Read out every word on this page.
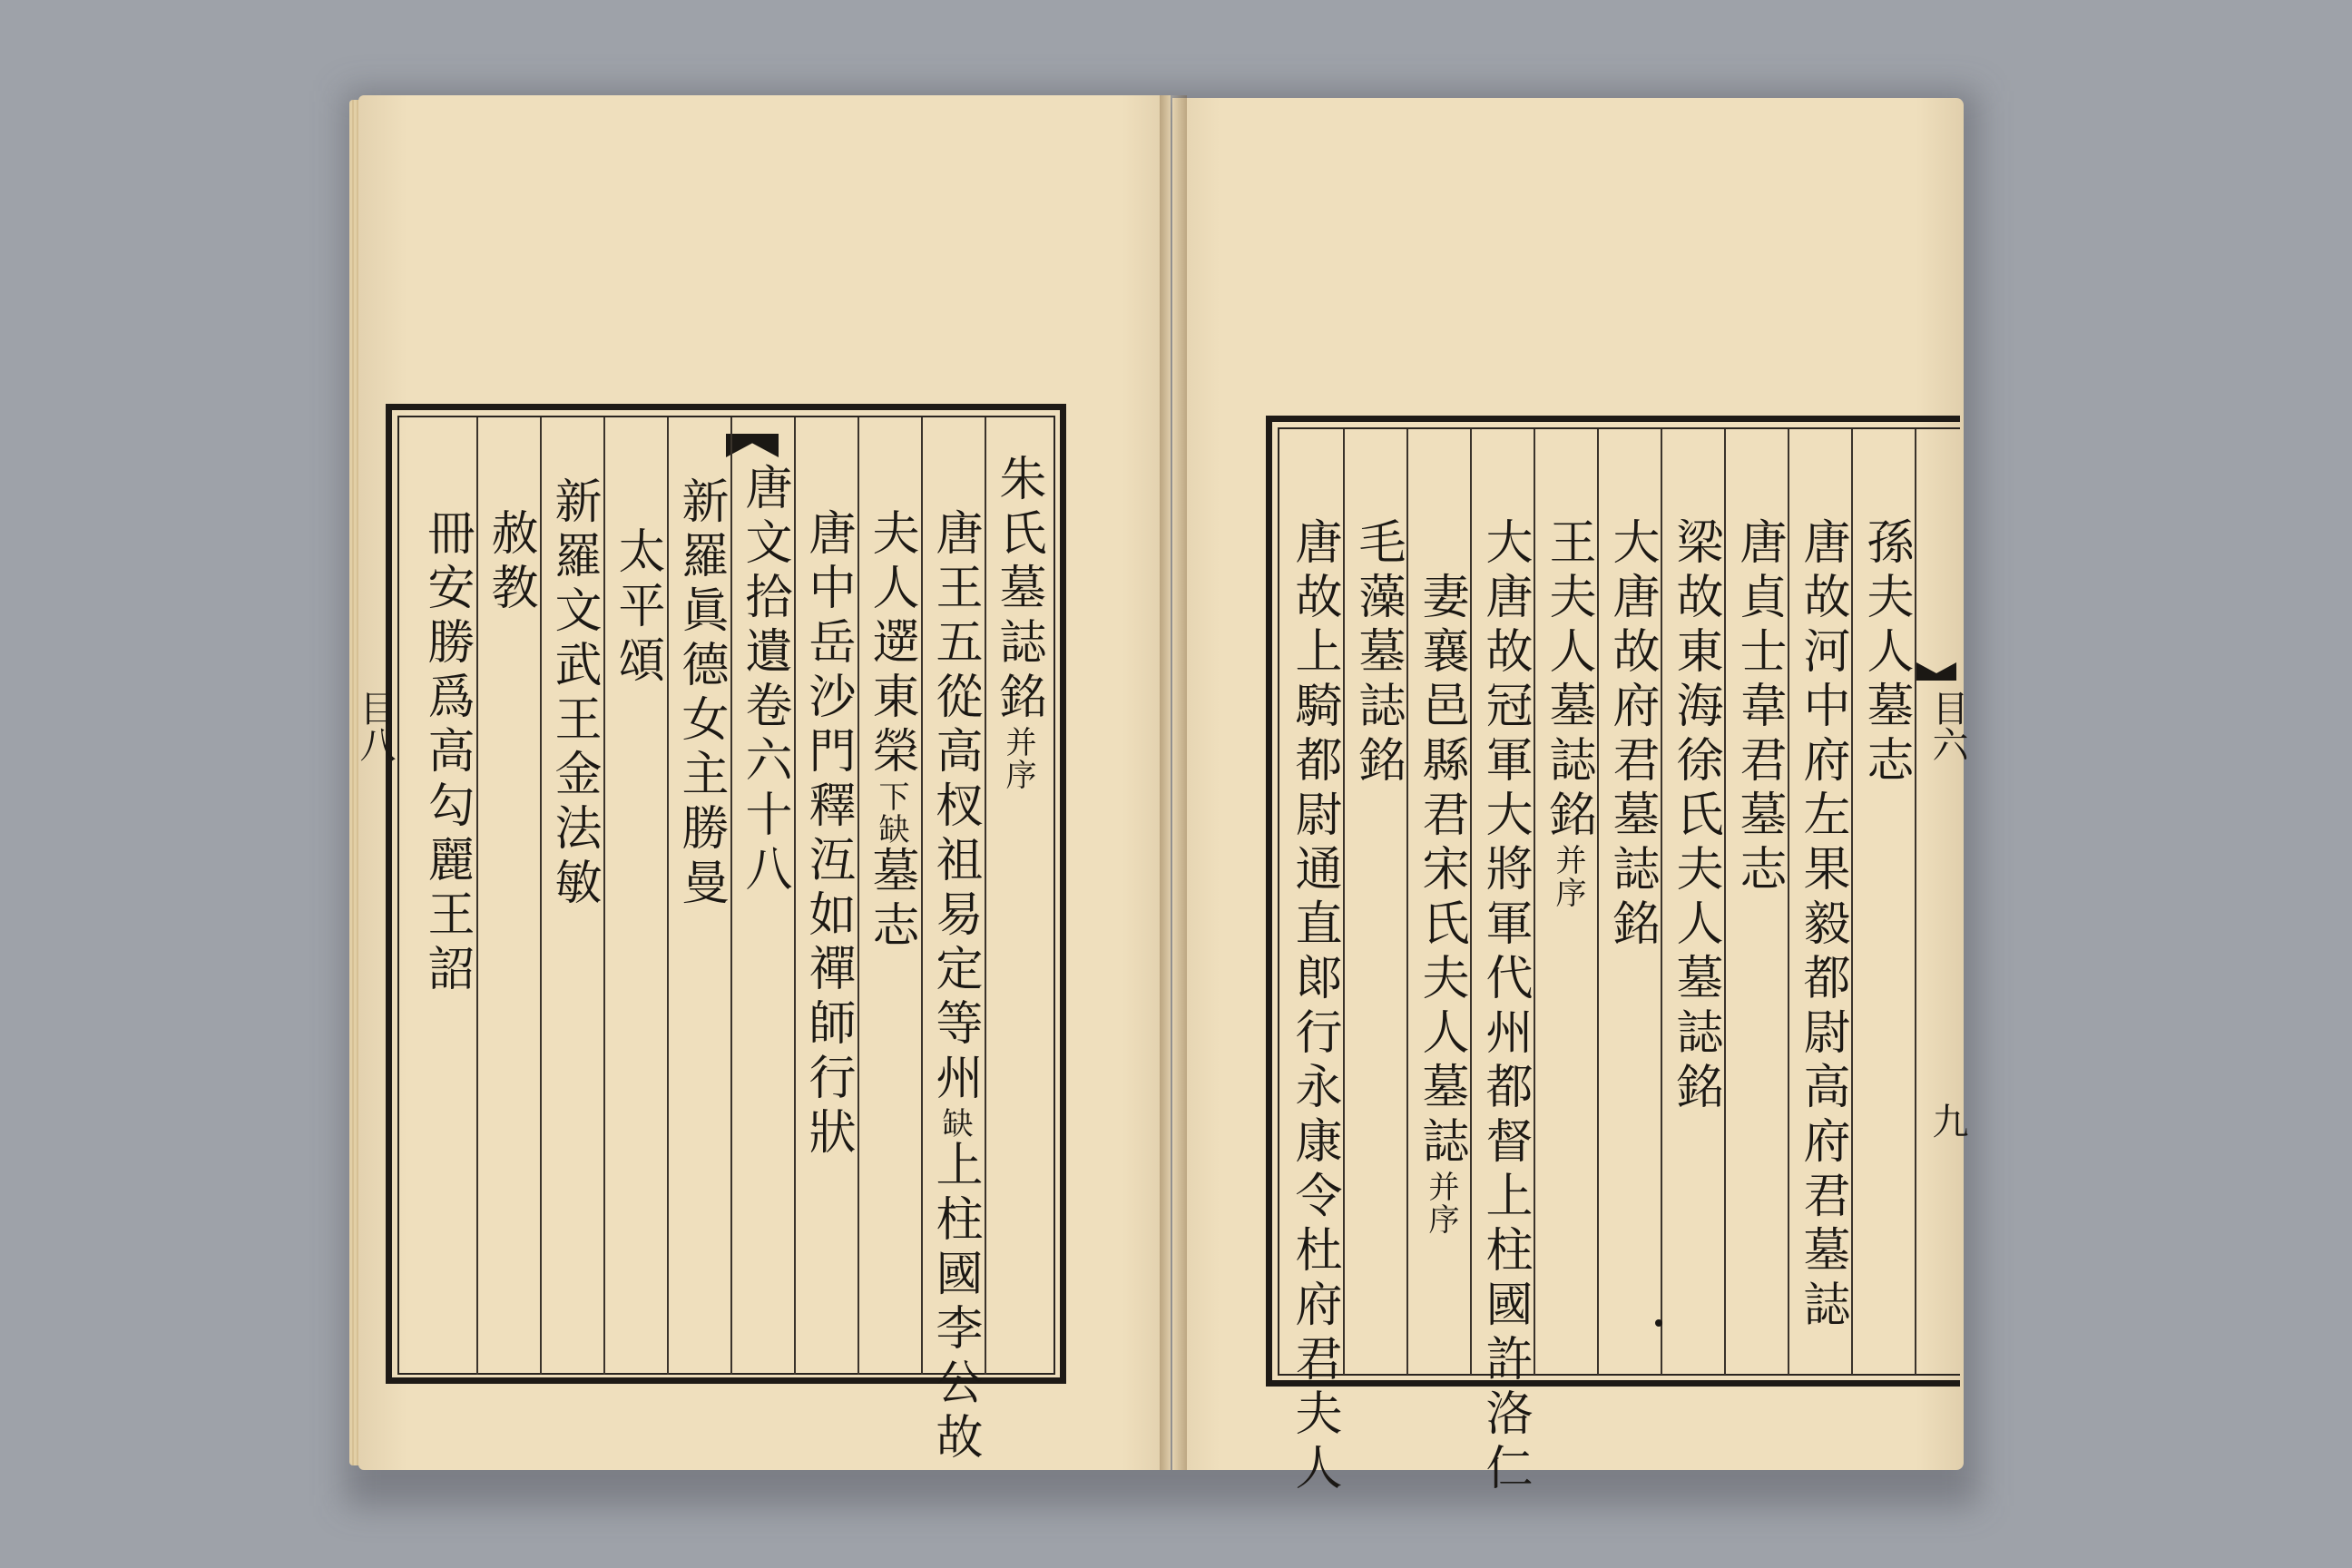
朱氏墓誌銘并序
唐王五從高杈祖易定等州缺上柱國李公故
夫人遻東榮下缺墓志
唐中岳沙門釋沍如禪師行狀
唐文拾遺卷六十八
新羅眞德女主勝曼
太平頌
新羅文武王金法敏
赦教
冊安勝爲高勾麗王詔
目八	孫夫人墓志
唐故河中府左果毅都尉高府君墓誌
唐貞士韋君墓志
梁故東海徐氏夫人墓誌銘
大唐故府君墓誌銘
王夫人墓誌銘并序
大唐故冠軍大將軍代州都督上柱國許洛仁
妻襄邑縣君宋氏夫人墓誌并序
毛藻墓誌銘
唐故上騎都尉通直郞行永康令杜府君夫人	目六
九
